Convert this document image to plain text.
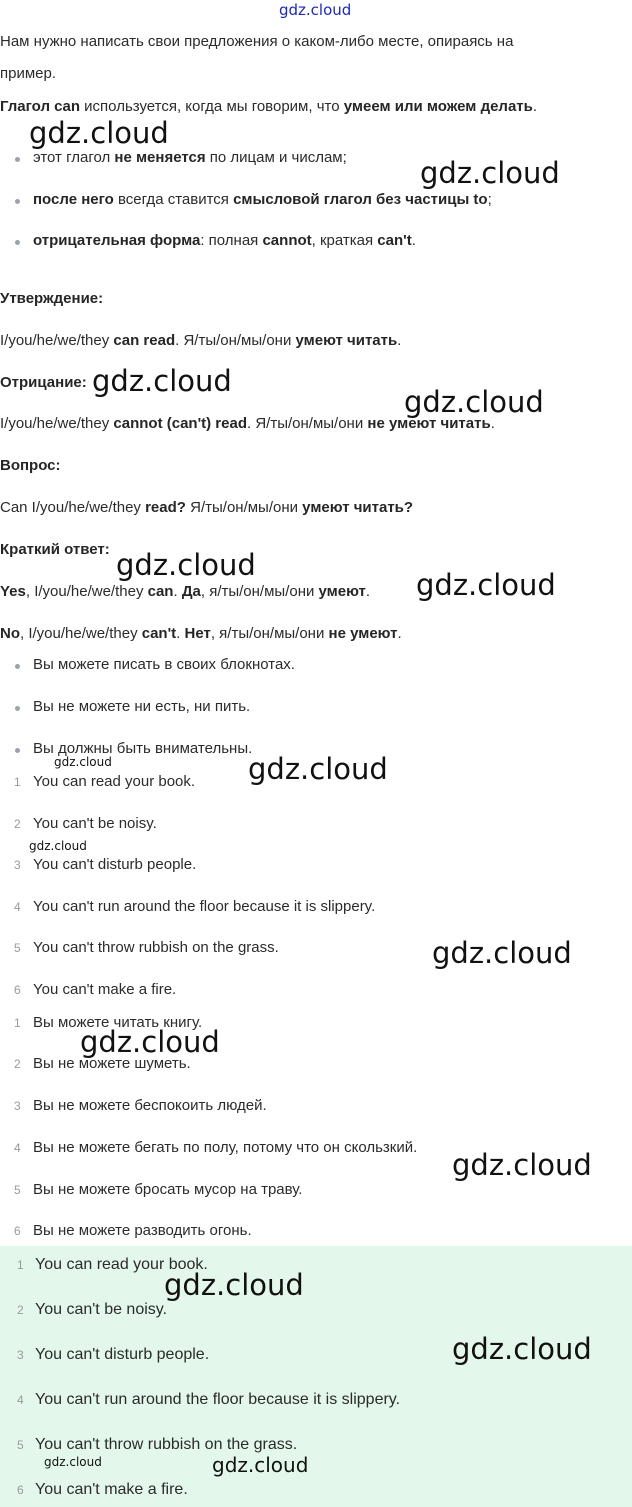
gdz.cloud
Нам нужно написать свои предложения о каком-либо месте, опираясь на
пример.
Глагол can используется, когда мы говорим, что умеем или можем делать.
этот глагол не меняется по лицам и числам;
после него всегда ставится смысловой глагол без частицы to;
отрицательная форма: полная cannot, краткая can't.
Утверждение:
I/you/he/we/they can read. Я/ты/он/мы/они умеют читать.
Отрицание:
I/you/he/we/they cannot (can't) read. Я/ты/он/мы/они не умеют читать.
Вопрос:
Can I/you/he/we/they read? Я/ты/он/мы/они умеют читать?
Краткий ответ:
Yes, I/you/he/we/they can. Да, я/ты/он/мы/они умеют.
No, I/you/he/we/they can't. Нет, я/ты/он/мы/они не умеют.
Вы можете писать в своих блокнотах.
Вы не можете ни есть, ни пить.
Вы должны быть внимательны.
1 You can read your book.
2 You can't be noisy.
3 You can't disturb people.
4 You can't run around the floor because it is slippery.
5 You can't throw rubbish on the grass.
6 You can't make a fire.
1 Вы можете читать книгу.
2 Вы не можете шуметь.
3 Вы не можете беспокоить людей.
4 Вы не можете бегать по полу, потому что он скользкий.
5 Вы не можете бросать мусор на траву.
6 Вы не можете разводить огонь.
1 You can read your book.
2 You can't be noisy.
3 You can't disturb people.
4 You can't run around the floor because it is slippery.
5 You can't throw rubbish on the grass.
6 You can't make a fire.
gdz.cloud
gdz.cloud
gdz.cloud
gdz.cloud
gdz.cloud
gdz.cloud
gdz.cloud	gdz.cloud
gdz.cloud
gdz.cloud
gdz.cloud
gdz.cloud
gdz.cloud
gdz.cloud
gdz.cloud	gdz.cloud
